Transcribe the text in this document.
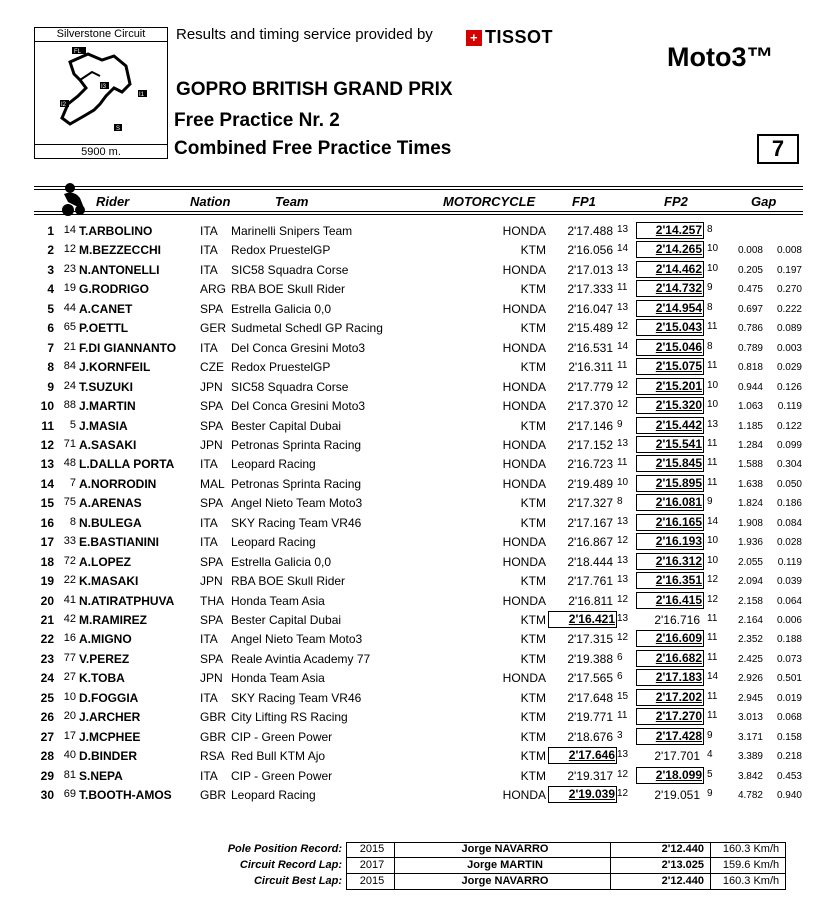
Silverstone Circuit
FL
I3
I1
I2
S
5900 m.
Results and timing service provided by	+ TISSOT
Moto3™
GOPRO BRITISH GRAND PRIX
Free Practice Nr. 2
Combined Free Practice Times	7
Rider	Nation	Team	MOTORCYCLE	FP1	FP2	Gap
1 14 T.ARBOLINO	ITA Marinelli Snipers Team	HONDA	2'17.488 13	2'14.257 8
2 12 M.BEZZECCHI	ITA Redox PruestelGP	KTM	2'16.056 14	2'14.265 10	0.008	0.008
3 23 N.ANTONELLI	ITA SIC58 Squadra Corse	HONDA	2'17.013 13	2'14.462 10	0.205	0.197
4 19 G.RODRIGO	ARG RBA BOE Skull Rider	KTM	2'17.333 11	2'14.732 9	0.475	0.270
5 44 A.CANET	SPA Estrella Galicia 0,0	HONDA	2'16.047 13	2'14.954 8	0.697	0.222
6 65 P.OETTL	GER Sudmetal Schedl GP Racing	KTM	2'15.489 12	2'15.043 11	0.786	0.089
7 21 F.DI GIANNANTO ITA Del Conca Gresini Moto3	HONDA	2'16.531 14	2'15.046 8	0.789	0.003
8 84 J.KORNFEIL	CZE Redox PruestelGP	KTM	2'16.311 11	2'15.075 11	0.818	0.029
9 24 T.SUZUKI	JPN SIC58 Squadra Corse	HONDA	2'17.779 12	2'15.201 10	0.944	0.126
10 88 J.MARTIN	SPA Del Conca Gresini Moto3	HONDA	2'17.370 12	2'15.320 10	1.063	0.119
11	5 J.MASIA	SPA Bester Capital Dubai	KTM	2'17.146 9	2'15.442 13	1.185	0.122
12 71 A.SASAKI	JPN Petronas Sprinta Racing	HONDA	2'17.152 13	2'15.541 11	1.284	0.099
13 48 L.DALLA PORTA ITA Leopard Racing	HONDA	2'16.723 11	2'15.845 11	1.588	0.304
14	7 A.NORRODIN	MAL Petronas Sprinta Racing	HONDA	2'19.489 10	2'15.895 11	1.638	0.050
15 75 A.ARENAS	SPA Angel Nieto Team Moto3	KTM	2'17.327 8	2'16.081 9	1.824	0.186
16	8 N.BULEGA	ITA SKY Racing Team VR46	KTM	2'17.167 13	2'16.165 14	1.908	0.084
17 33 E.BASTIANINI	ITA Leopard Racing	HONDA	2'16.867 12	2'16.193 10	1.936	0.028
18 72 A.LOPEZ	SPA Estrella Galicia 0,0	HONDA	2'18.444 13	2'16.312 10	2.055	0.119
19 22 K.MASAKI	JPN RBA BOE Skull Rider	KTM	2'17.761 13	2'16.351 12	2.094	0.039
20 41 N.ATIRATPHUVA THA Honda Team Asia	HONDA	2'16.811 12	2'16.415 12	2.158	0.064
21 42 M.RAMIREZ	SPA Bester Capital Dubai	KTM	2'16.421 13	2'16.716 11	2.164	0.006
22 16 A.MIGNO	ITA Angel Nieto Team Moto3	KTM	2'17.315 12	2'16.609 11	2.352	0.188
23 77 V.PEREZ	SPA Reale Avintia Academy 77	KTM	2'19.388 6	2'16.682 11	2.425	0.073
24 27 K.TOBA	JPN Honda Team Asia	HONDA	2'17.565 6	2'17.183 14	2.926	0.501
25 10 D.FOGGIA	ITA SKY Racing Team VR46	KTM	2'17.648 15	2'17.202 11	2.945	0.019
26 20 J.ARCHER	GBR City Lifting RS Racing	KTM	2'19.771 11	2'17.270 11	3.013	0.068
27 17 J.MCPHEE	GBR CIP - Green Power	KTM	2'18.676 3	2'17.428 9	3.171	0.158
28 40 D.BINDER	RSA Red Bull KTM Ajo	KTM	2'17.646 13	2'17.701 4	3.389	0.218
29 81 S.NEPA	ITA CIP - Green Power	KTM	2'19.317 12	2'18.099 5	3.842	0.453
30 69 T.BOOTH-AMOS GBR Leopard Racing	HONDA	2'19.039 12	2'19.051 9	4.782	0.940
Pole Position Record:	2015	Jorge NAVARRO	2'12.440	160.3 Km/h
Circuit Record Lap:	2017	Jorge MARTIN	2'13.025	159.6 Km/h
Circuit Best Lap:	2015	Jorge NAVARRO	2'12.440	160.3 Km/h
